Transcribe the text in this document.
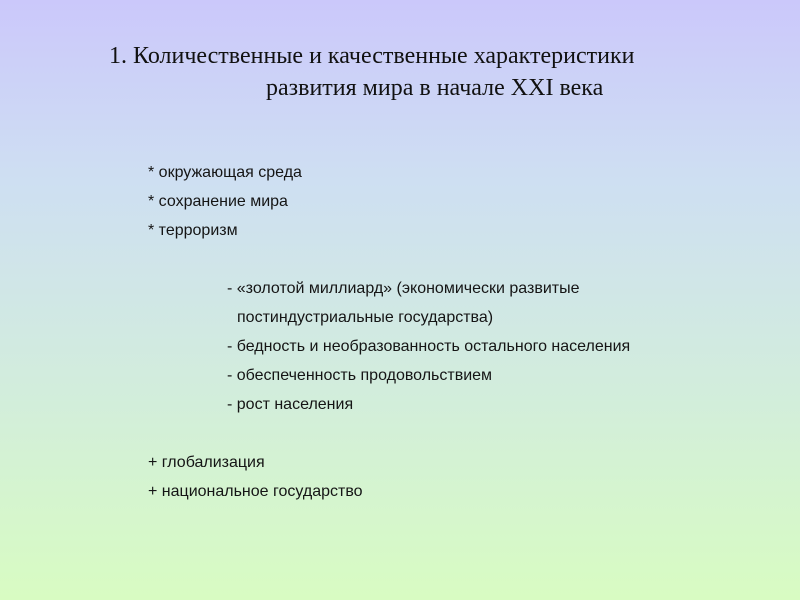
1. Количественные и качественные характеристики
развития мира в начале XXI века
* окружающая среда
* сохранение мира
* терроризм
- «золотой миллиард» (экономически развитые
постиндустриальные государства)
- бедность и необразованность остального населения
- обеспеченность продовольствием
- рост населения
+ глобализация
+ национальное государство
